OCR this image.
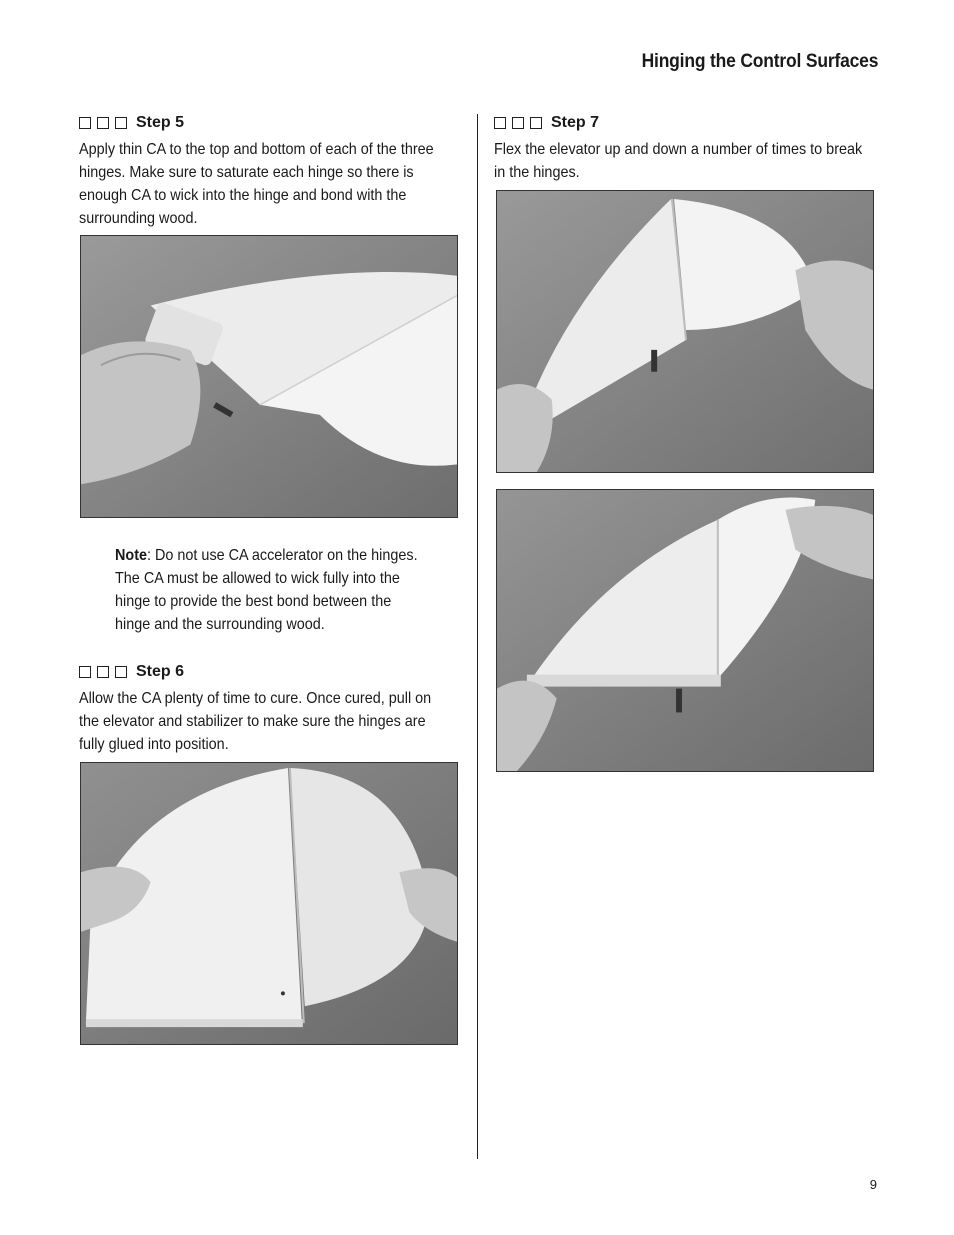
Hinging the Control Surfaces
Step 5
Apply thin CA to the top and bottom of each of the three hinges. Make sure to saturate each hinge so there is enough CA to wick into the hinge and bond with the surrounding wood.
Note: Do not use CA accelerator on the hinges. The CA must be allowed to wick fully into the hinge to provide the best bond between the hinge and the surrounding wood.
Step 6
Allow the CA plenty of time to cure. Once cured, pull on the elevator and stabilizer to make sure the hinges are fully glued into position.
Step 7
Flex the elevator up and down a number of times to break in the hinges.
9
